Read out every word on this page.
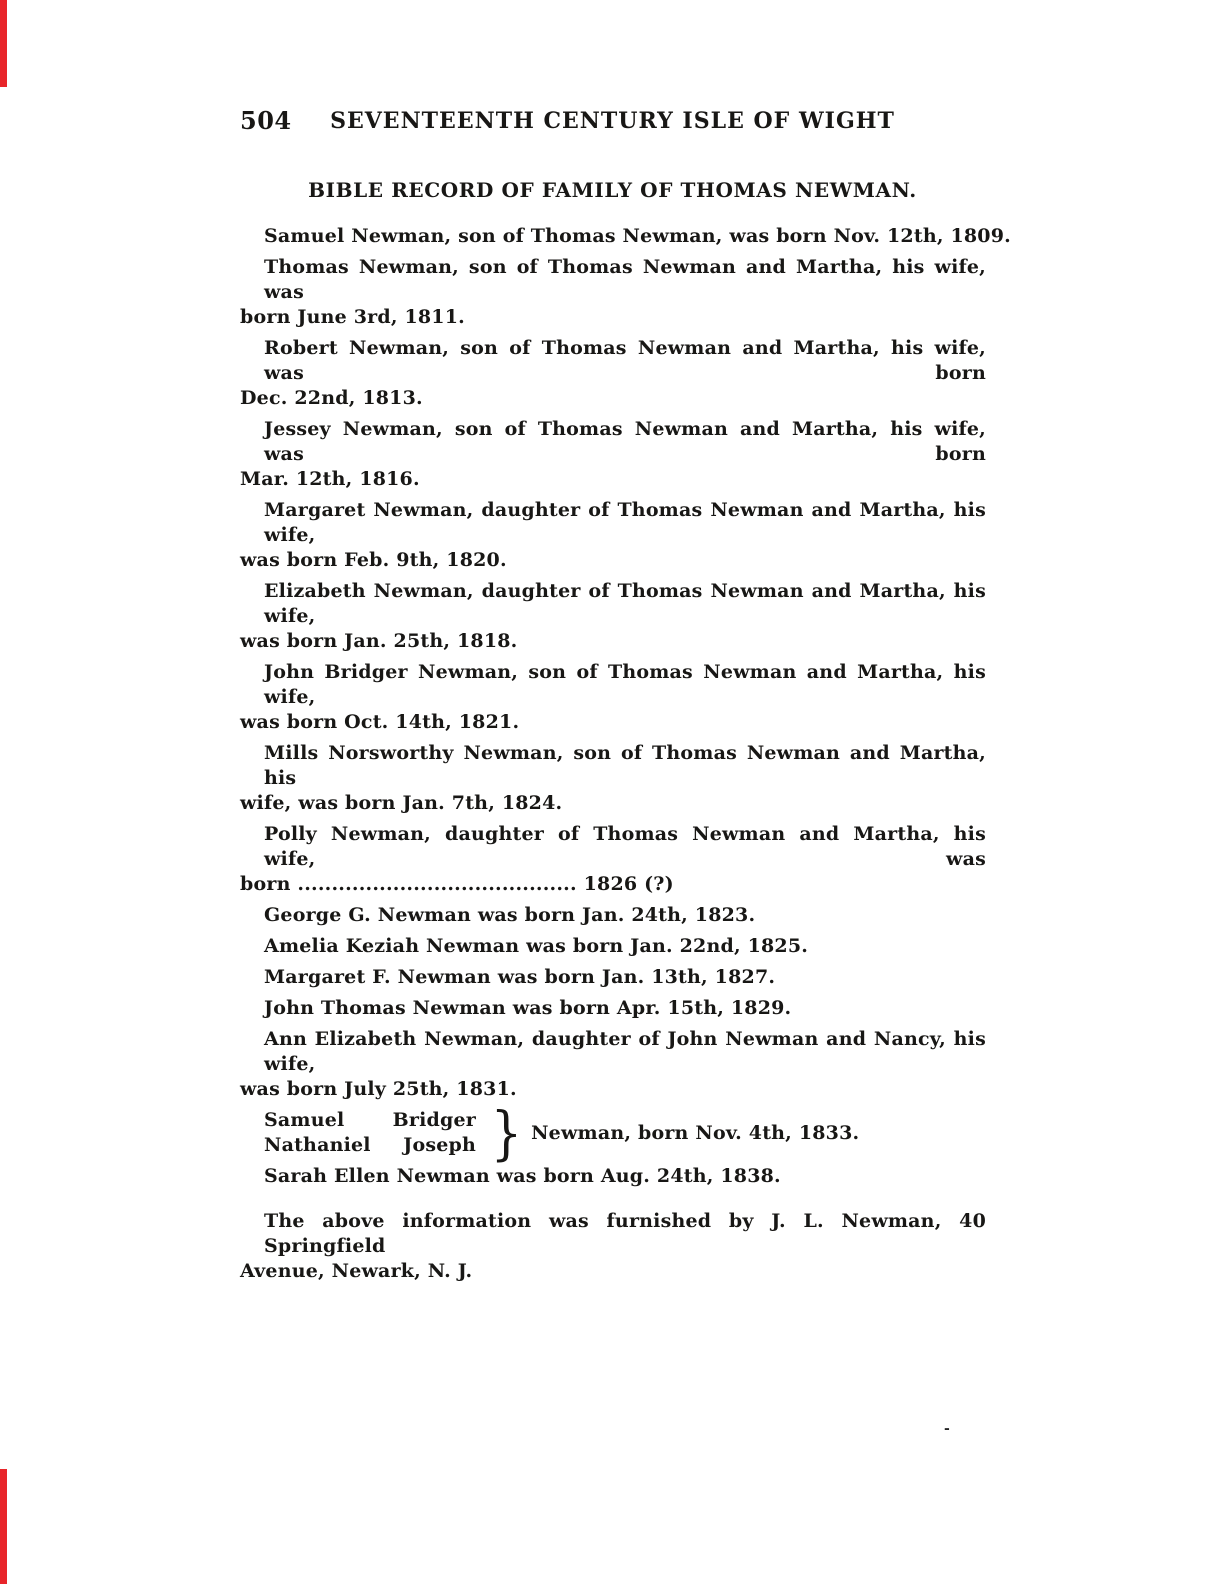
504	SEVENTEENTH CENTURY ISLE OF WIGHT
BIBLE RECORD OF FAMILY OF THOMAS NEWMAN.
Samuel Newman, son of Thomas Newman, was born Nov. 12th, 1809.
Thomas Newman, son of Thomas Newman and Martha, his wife, was
born June 3rd, 1811.
Robert Newman, son of Thomas Newman and Martha, his wife, was born
Dec. 22nd, 1813.
Jessey Newman, son of Thomas Newman and Martha, his wife, was born
Mar. 12th, 1816.
Margaret Newman, daughter of Thomas Newman and Martha, his wife,
was born Feb. 9th, 1820.
Elizabeth Newman, daughter of Thomas Newman and Martha, his wife,
was born Jan. 25th, 1818.
John Bridger Newman, son of Thomas Newman and Martha, his wife,
was born Oct. 14th, 1821.
Mills Norsworthy Newman, son of Thomas Newman and Martha, his
wife, was born Jan. 7th, 1824.
Polly Newman, daughter of Thomas Newman and Martha, his wife, was
born ......................................... 1826 (?)
George G. Newman was born Jan. 24th, 1823.
Amelia Keziah Newman was born Jan. 22nd, 1825.
Margaret F. Newman was born Jan. 13th, 1827.
John Thomas Newman was born Apr. 15th, 1829.
Ann Elizabeth Newman, daughter of John Newman and Nancy, his wife,
was born July 25th, 1831.
Samuel Bridger
Nathaniel Joseph } Newman, born Nov. 4th, 1833.
Sarah Ellen Newman was born Aug. 24th, 1838.
The above information was furnished by J. L. Newman, 40 Springfield
Avenue, Newark, N. J.
-
